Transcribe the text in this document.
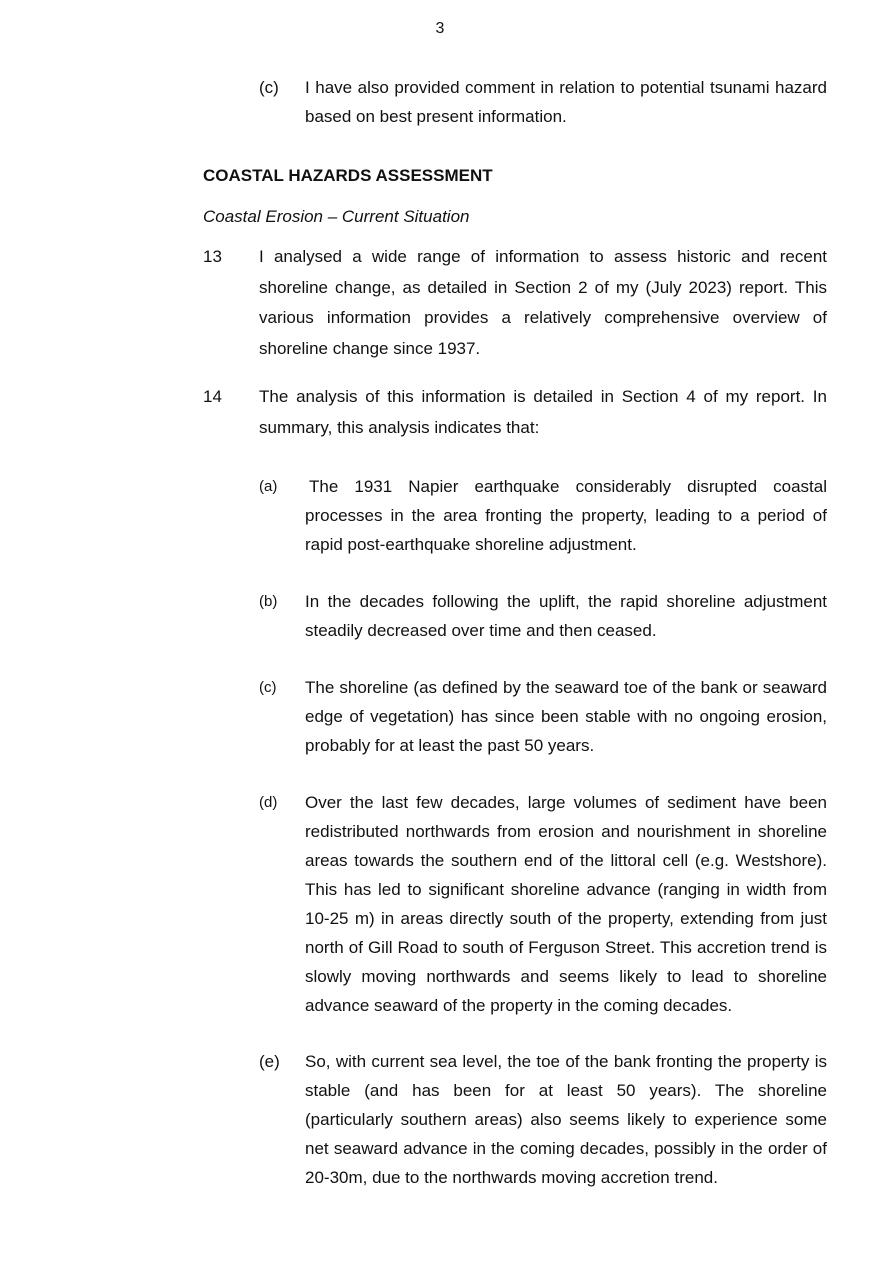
3
(c)	I have also provided comment in relation to potential tsunami hazard based on best present information.
COASTAL HAZARDS ASSESSMENT
Coastal Erosion – Current Situation
13	I analysed a wide range of information to assess historic and recent shoreline change, as detailed in Section 2 of my (July 2023) report. This various information provides a relatively comprehensive overview of shoreline change since 1937.
14	The analysis of this information is detailed in Section 4 of my report. In summary, this analysis indicates that:
(a)	The 1931 Napier earthquake considerably disrupted coastal processes in the area fronting the property, leading to a period of rapid post-earthquake shoreline adjustment.
(b)	In the decades following the uplift, the rapid shoreline adjustment steadily decreased over time and then ceased.
(c)	The shoreline (as defined by the seaward toe of the bank or seaward edge of vegetation) has since been stable with no ongoing erosion, probably for at least the past 50 years.
(d)	Over the last few decades, large volumes of sediment have been redistributed northwards from erosion and nourishment in shoreline areas towards the southern end of the littoral cell (e.g. Westshore). This has led to significant shoreline advance (ranging in width from 10-25 m) in areas directly south of the property, extending from just north of Gill Road to south of Ferguson Street. This accretion trend is slowly moving northwards and seems likely to lead to shoreline advance seaward of the property in the coming decades.
(e)	So, with current sea level, the toe of the bank fronting the property is stable (and has been for at least 50 years). The shoreline (particularly southern areas) also seems likely to experience some net seaward advance in the coming decades, possibly in the order of 20-30m, due to the northwards moving accretion trend.
